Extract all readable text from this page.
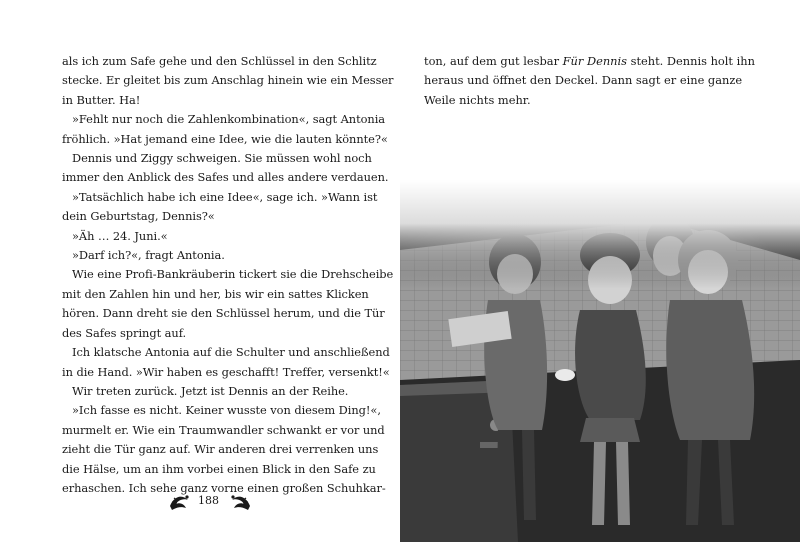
als ich zum Safe gehe und den Schlüssel in den Schlitz
stecke. Er gleitet bis zum Anschlag hinein wie ein Messer
in Butter. Ha!
»Fehlt nur noch die Zahlenkombination«, sagt Antonia
fröhlich. »Hat jemand eine Idee, wie die lauten könnte?«
Dennis und Ziggy schweigen. Sie müssen wohl noch
immer den Anblick des Safes und alles andere verdauen.
»Tatsächlich habe ich eine Idee«, sage ich. »Wann ist
dein Geburtstag, Dennis?«
»Äh … 24. Juni.«
»Darf ich?«, fragt Antonia.
Wie eine Profi-Bankräuberin tickert sie die Drehscheibe
mit den Zahlen hin und her, bis wir ein sattes Klicken
hören. Dann dreht sie den Schlüssel herum, und die Tür
des Safes springt auf.
Ich klatsche Antonia auf die Schulter und anschließend
in die Hand. »Wir haben es geschafft! Treffer, versenkt!«
Wir treten zurück. Jetzt ist Dennis an der Reihe.
»Ich fasse es nicht. Keiner wusste von diesem Ding!«,
murmelt er. Wie ein Traumwandler schwankt er vor und
zieht die Tür ganz auf. Wir anderen drei verrenken uns
die Hälse, um an ihm vorbei einen Blick in den Safe zu
erhaschen. Ich sehe ganz vorne einen großen Schuhkar-
188
ton, auf dem gut lesbar Für Dennis steht. Dennis holt ihn
heraus und öffnet den Deckel. Dann sagt er eine ganze
Weile nichts mehr.
